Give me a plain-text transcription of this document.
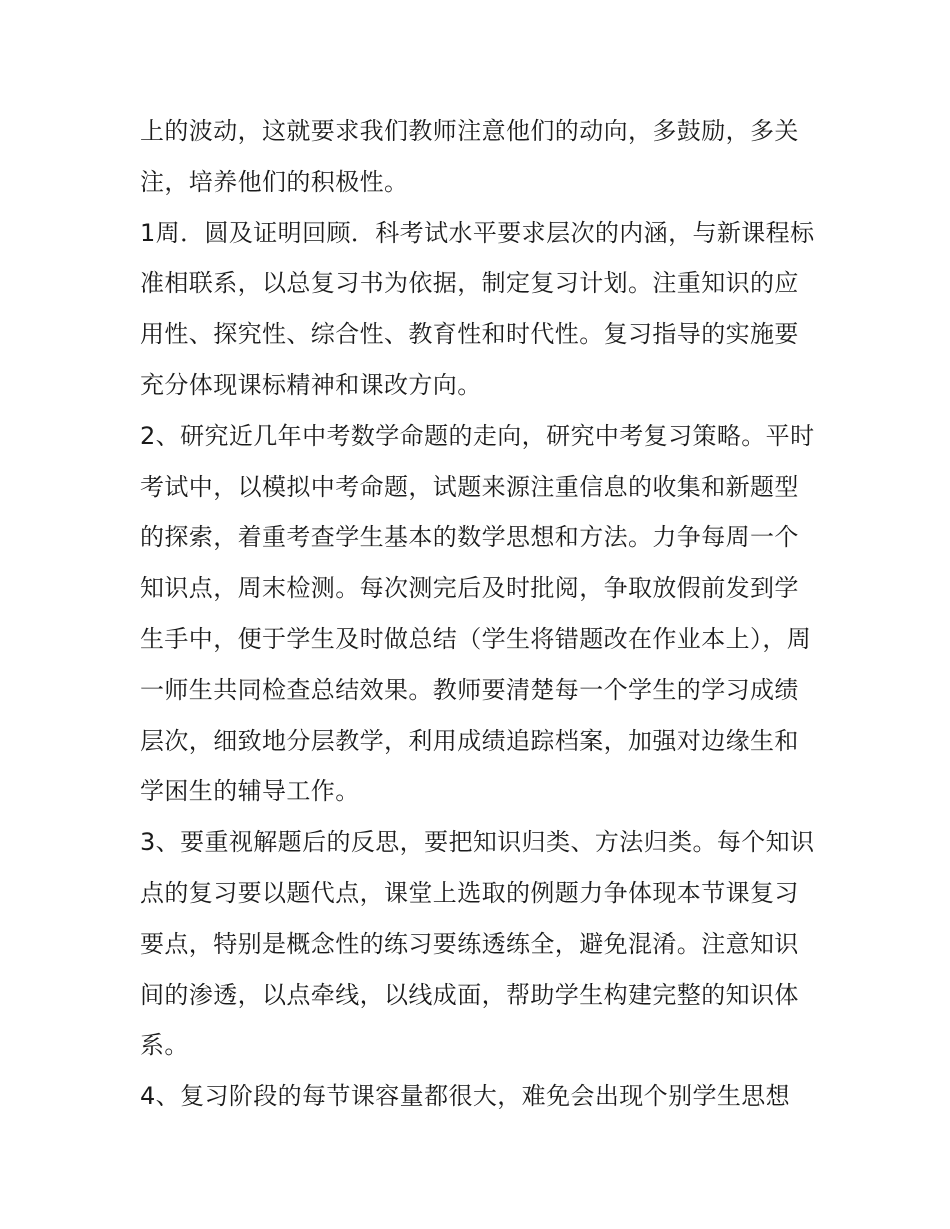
上的波动，这就要求我们教师注意他们的动向，多鼓励，多关注，培养他们的积极性。

1周．圆及证明回顾．科考试水平要求层次的内涵，与新课程标准相联系，以总复习书为依据，制定复习计划。注重知识的应用性、探究性、综合性、教育性和时代性。复习指导的实施要充分体现课标精神和课改方向。

2、研究近几年中考数学命题的走向，研究中考复习策略。平时考试中，以模拟中考命题，试题来源注重信息的收集和新题型的探索，着重考查学生基本的数学思想和方法。力争每周一个知识点，周末检测。每次测完后及时批阅，争取放假前发到学生手中，便于学生及时做总结（学生将错题改在作业本上），周一师生共同检查总结效果。教师要清楚每一个学生的学习成绩层次，细致地分层教学，利用成绩追踪档案，加强对边缘生和学困生的辅导工作。

3、要重视解题后的反思，要把知识归类、方法归类。每个知识点的复习要以题代点，课堂上选取的例题力争体现本节课复习要点，特别是概念性的练习要练透练全，避免混淆。注意知识间的渗透，以点牵线，以线成面，帮助学生构建完整的知识体系。

4、复习阶段的每节课容量都很大，难免会出现个别学生思想
